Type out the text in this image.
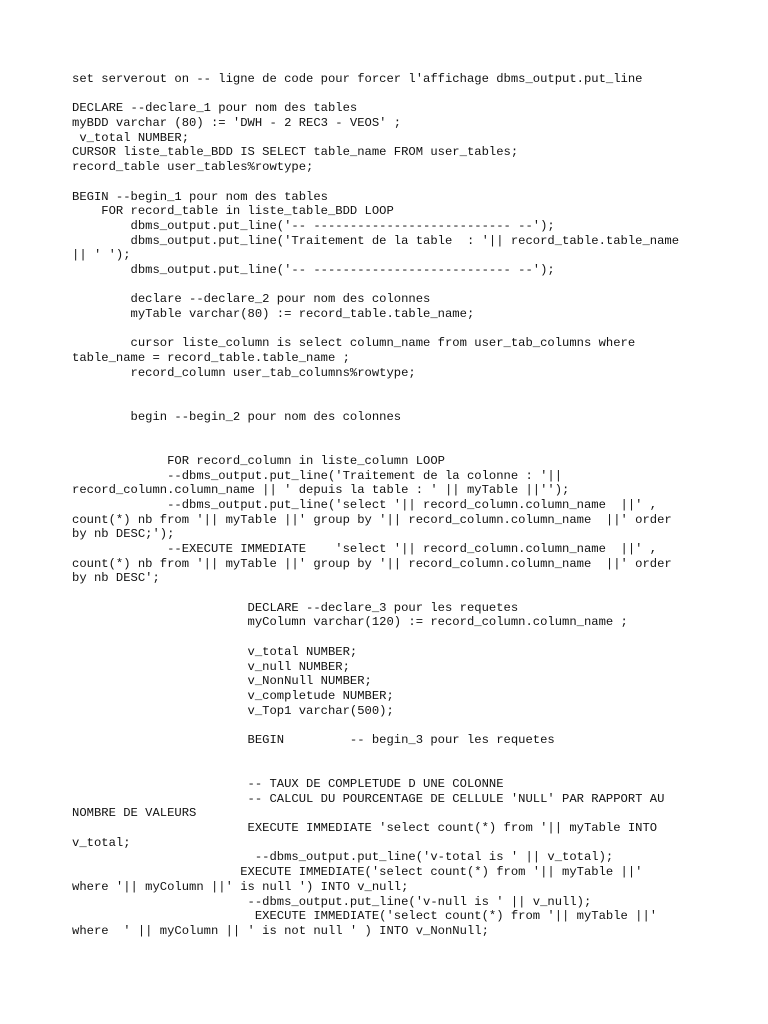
set serverout on -- ligne de code pour forcer l'affichage dbms_output.put_line
DECLARE --declare_1 pour nom des tables
myBDD varchar (80) := 'DWH - 2 REC3 - VEOS' ;
v_total NUMBER;
CURSOR liste_table_BDD IS SELECT table_name FROM user_tables;
record_table user_tables%rowtype;
BEGIN --begin_1 pour nom des tables
FOR record_table in liste_table_BDD LOOP
dbms_output.put_line('-- --------------------------- --');
dbms_output.put_line('Traitement de la table  : '|| record_table.table_name
|| ' ');
dbms_output.put_line('-- --------------------------- --');
declare --declare_2 pour nom des colonnes
myTable varchar(80) := record_table.table_name;
cursor liste_column is select column_name from user_tab_columns where
table_name = record_table.table_name ;
record_column user_tab_columns%rowtype;
begin --begin_2 pour nom des colonnes
FOR record_column in liste_column LOOP
--dbms_output.put_line('Traitement de la colonne : '||
record_column.column_name || ' depuis la table : ' || myTable ||'');
--dbms_output.put_line('select '|| record_column.column_name  ||' ,
count(*) nb from '|| myTable ||' group by '|| record_column.column_name  ||' order
by nb DESC;');
--EXECUTE IMMEDIATE    'select '|| record_column.column_name  ||' ,
count(*) nb from '|| myTable ||' group by '|| record_column.column_name  ||' order
by nb DESC';
DECLARE --declare_3 pour les requetes
myColumn varchar(120) := record_column.column_name ;
v_total NUMBER;
v_null NUMBER;
v_NonNull NUMBER;
v_completude NUMBER;
v_Top1 varchar(500);
BEGIN         -- begin_3 pour les requetes
-- TAUX DE COMPLETUDE D UNE COLONNE
-- CALCUL DU POURCENTAGE DE CELLULE 'NULL' PAR RAPPORT AU
NOMBRE DE VALEURS
EXECUTE IMMEDIATE 'select count(*) from '|| myTable INTO
v_total;
--dbms_output.put_line('v-total is ' || v_total);
EXECUTE IMMEDIATE('select count(*) from '|| myTable ||'
where '|| myColumn ||' is null ') INTO v_null;
--dbms_output.put_line('v-null is ' || v_null);
EXECUTE IMMEDIATE('select count(*) from '|| myTable ||'
where  ' || myColumn || ' is not null ' ) INTO v_NonNull;
